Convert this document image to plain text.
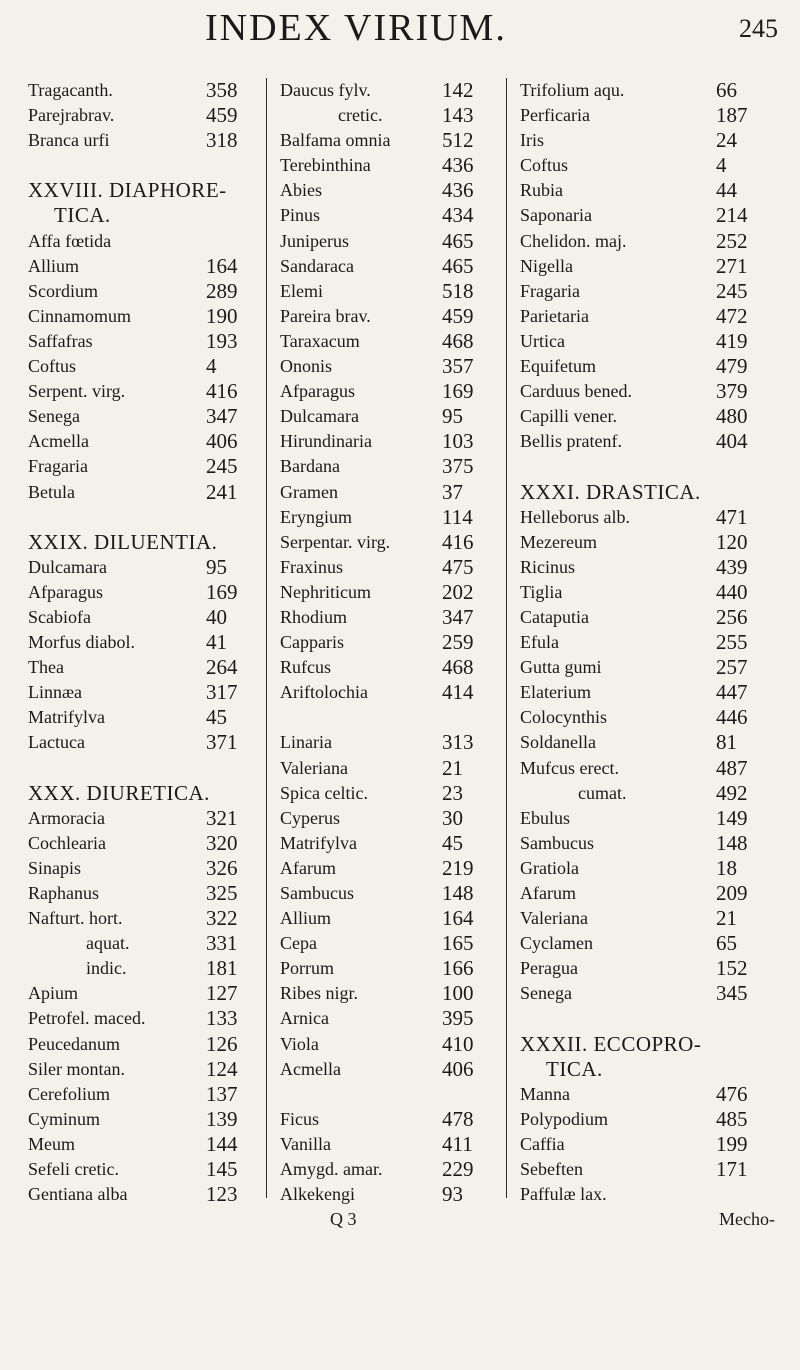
INDEX VIRIUM.	245
Tragacanth.	358
Parejrabrav.	459
Branca urfi	318
XXVIII. DIAPHORE-
TICA.
Affa fœtida
Allium	164
Scordium	289
Cinnamomum	190
Saffafras	193
Coftus	4
Serpent. virg.	416
Senega	347
Acmella	406
Fragaria	245
Betula	241
XXIX. DILUENTIA.
Dulcamara	95
Afparagus	169
Scabiofa	40
Morfus diabol.	41
Thea	264
Linnæa	317
Matrifylva	45
Lactuca	371
XXX. DIURETICA.
Armoracia	321
Cochlearia	320
Sinapis	326
Raphanus	325
Nafturt. hort.	322
aquat.	331
indic.	181
Apium	127
Petrofel. maced.	133
Peucedanum	126
Siler montan.	124
Cerefolium	137
Cyminum	139
Meum	144
Sefeli cretic.	145
Gentiana alba	123
Daucus fylv.	142
cretic.	143
Balfama omnia 512
Terebinthina	436
Abies	436
Pinus	434
Juniperus	465
Sandaraca	465
Elemi	518
Pareira brav.	459
Taraxacum	468
Ononis	357
Afparagus	169
Dulcamara	95
Hirundinaria	103
Bardana	375
Gramen	37
Eryngium	114
Serpentar. virg. 416
Fraxinus	475
Nephriticum	202
Rhodium	347
Capparis	259
Rufcus	468
Ariftolochia	414
Linaria	313
Valeriana	21
Spica celtic.	23
Cyperus	30
Matrifylva	45
Afarum	219
Sambucus	148
Allium	164
Cepa	165
Porrum	166
Ribes nigr.	100
Arnica	395
Viola	410
Acmella	406
Ficus	478
Vanilla	411
Amygd. amar.	229
Alkekengi	93
Q 3
Trifolium aqu.	66
Perficaria	187
Iris	24
Coftus	4
Rubia	44
Saponaria	214
Chelidon. maj.	252
Nigella	271
Fragaria	245
Parietaria	472
Urtica	419
Equifetum	479
Carduus bened.	379
Capilli vener.	480
Bellis pratenf.	404
XXXI. DRASTICA.
Helleborus alb.	471
Mezereum	120
Ricinus	439
Tiglia	440
Cataputia	256
Efula	255
Gutta gumi	257
Elaterium	447
Colocynthis	446
Soldanella	81
Mufcus erect.	487
cumat.	492
Ebulus	149
Sambucus	148
Gratiola	18
Afarum	209
Valeriana	21
Cyclamen	65
Peragua	152
Senega	345
XXXII. ECCOPRO-
TICA.
Manna	476
Polypodium	485
Caffia	199
Sebeften	171
Paffulæ lax.
Mecho-
